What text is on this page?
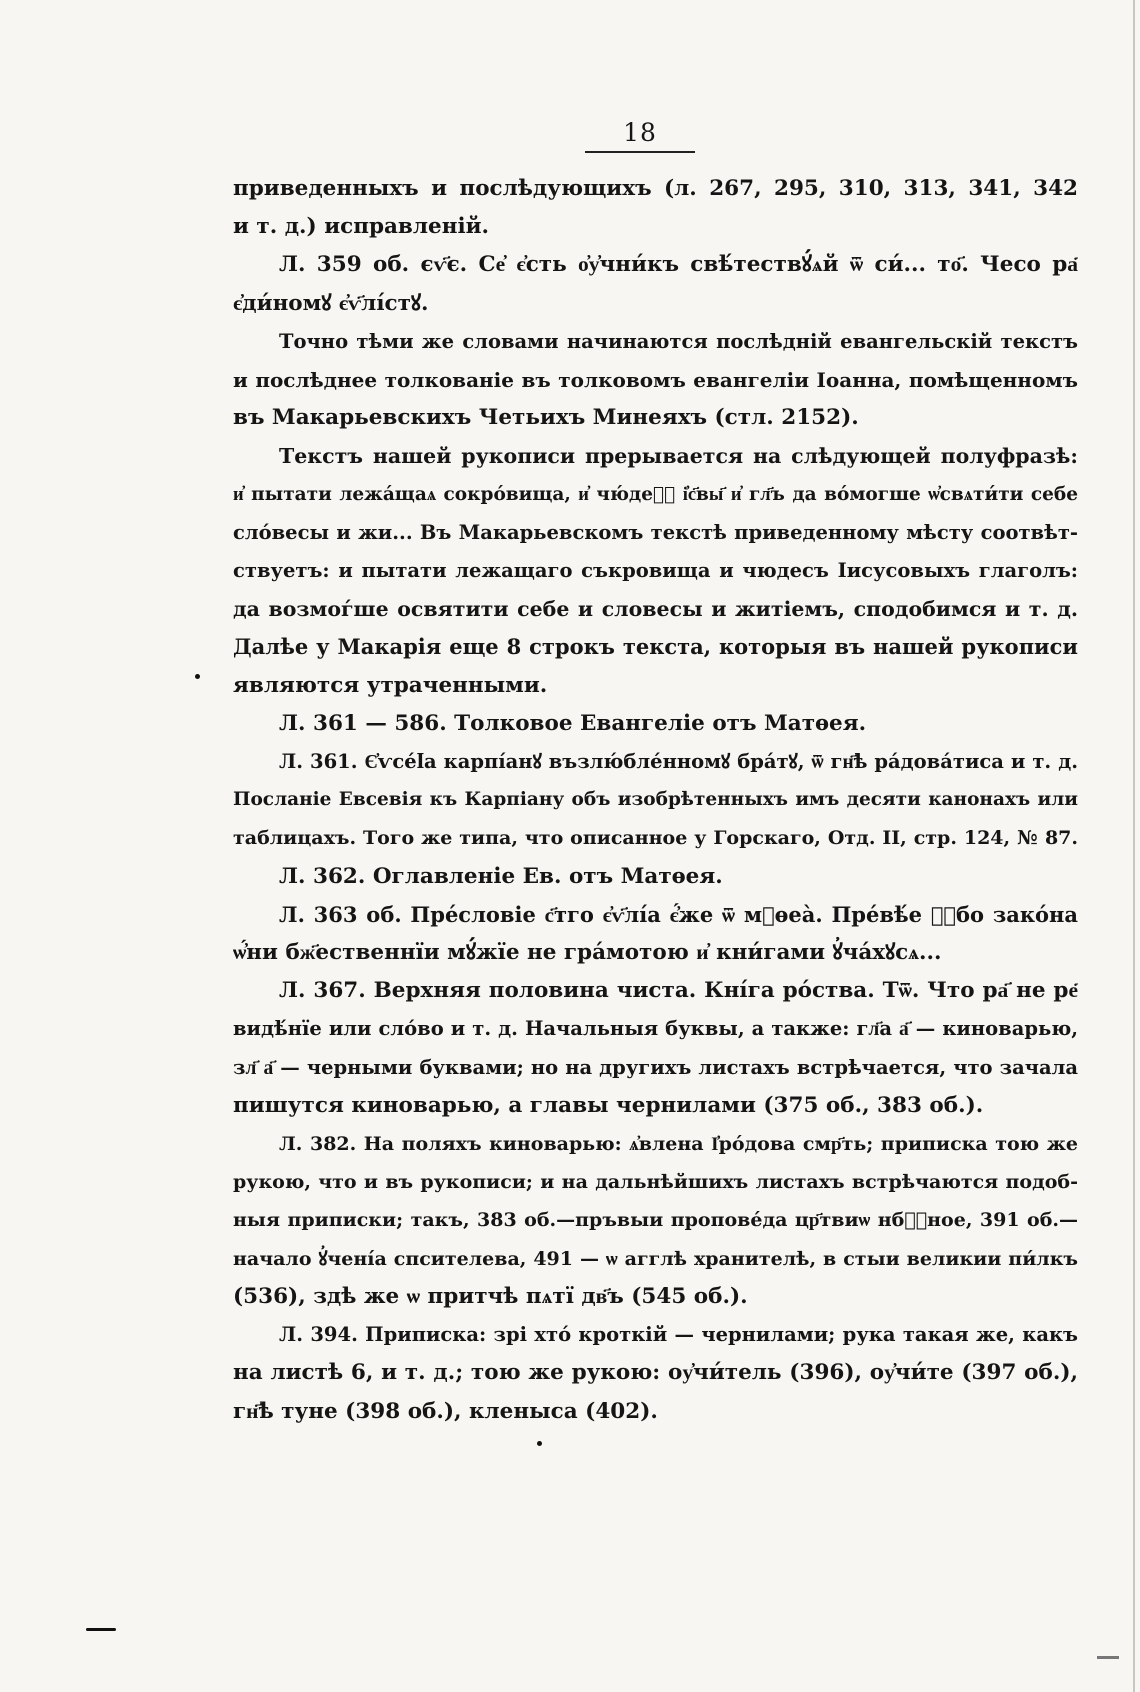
18
приведенныхъ и послѣдующихъ (л. 267, 295, 310, 313, 341, 342
и т. д.) исправленій.
Л. 359 об. єѵ҃є. Се҆ є҆сть о҆у҆чни́къ свѣ́тествꙋ́ѧй ѿ си́... то҃. Чесо ра҃
є҆ди́номꙋ є҆ѵ҃лі́стꙋ.
Точно тѣми же словами начинаются послѣдній евангельскій текстъ
и послѣднее толкованіе въ толковомъ евангеліи Іоанна, помѣщенномъ
въ Макарьевскихъ Четьихъ Минеяхъ (стл. 2152).
Текстъ нашей рукописи прерывается на слѣдующей полуфразѣ:
и҆ пытати лежа́щаѧ сокро́вища, и҆ чю́деⷭ҇ і҆с҃вы҃ и҆ гл҃ъ да во́могше ѡ҆свѧти́ти себе
сло́весы и жи... Въ Макарьевскомъ текстѣ приведенному мѣсту соотвѣт-
ствуетъ: и пытати лежащаго съкровища и чюдесъ Іисусовыхъ глаголъ:
да возмоѓше освятити себе и словесы и житіемъ, сподобимся и т. д.
Далѣе у Макарія еще 8 строкъ текста, которыя въ нашей рукописи
являются утраченными.
Л. 361 — 586. Толковое Евангеліе отъ Матѳея.
Л. 361. Є҆ѵсе́ӏа карпі́анꙋ възлю́бле́нномꙋ бра́тꙋ, ѿ гн҃ѣ ра́дова́тиса и т. д.
Посланіе Евсевія къ Карпіану объ изобрѣтенныхъ имъ десяти канонахъ или
таблицахъ. Того же типа, что описанное у Горскаго, Отд. II, стр. 124, № 87.
Л. 362. Оглавленіе Ев. отъ Матѳея.
Л. 363 об. Пре́словіе с҃тго є҆ѵ҃лі́а є҆́же ѿ мⷶѳеа̀. Пре́вѣ́е ꙋ҆бо зако́на
ѡ҆́ни бж҃ественнїи мꙋ́жїе не гра́мотою и҆ кни́гами ꙋ҆ча́хꙋсѧ...
Л. 367. Верхняя половина чиста. Кні́га ро́ства. Тѿ. Что ра҃ не ре҃
видѣ́нїе или сло́во и т. д. Начальныя буквы, а также: гл҃а а҃ — киноварью,
зл҃ а҃ — черными буквами; но на другихъ листахъ встрѣчается, что зачала
пишутся киноварью, а главы чернилами (375 об., 383 об.).
Л. 382. На поляхъ киноварью: ѧ҆влена І҆ро́дова смр҃ть; приписка тою же
рукою, что и въ рукописи; и на дальнѣйшихъ листахъ встрѣчаются подоб-
ныя приписки; такъ, 383 об.—пръвыи пропове́да цр҃твиѡ нбⷭ҇ное, 391 об.—
начало ꙋ҆чені́а спсителева, 491 — ѡ агглѣ хранителѣ, в стыи великии пи́лкъ
(536), здѣ же ѡ притчѣ пѧтї дв҃ъ (545 об.).
Л. 394. Приписка: зрі хто́ кроткій — чернилами; рука такая же, какъ
на листѣ 6, и т. д.; тою же рукою: оу҆чи́тель (396), оу҆чи́те (397 об.),
гн҃ѣ туне (398 об.), кленыса (402).
